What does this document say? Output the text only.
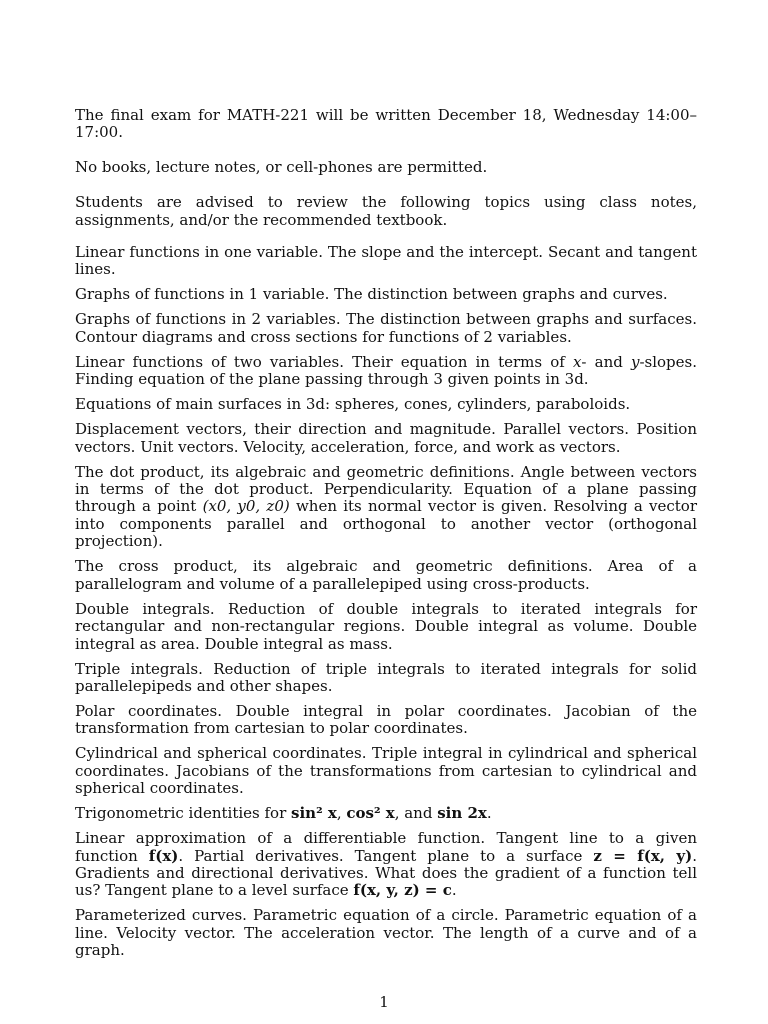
The final exam for MATH-221 will be written December 18, Wednesday 14:00–17:00.

No books, lecture notes, or cell-phones are permitted.

Students are advised to review the following topics using class notes, assignments, and/or the recommended textbook.

Linear functions in one variable. The slope and the intercept. Secant and tangent lines.

Graphs of functions in 1 variable. The distinction between graphs and curves.

Graphs of functions in 2 variables. The distinction between graphs and surfaces. Contour diagrams and cross sections for functions of 2 variables.

Linear functions of two variables. Their equation in terms of x- and y-slopes. Finding equation of the plane passing through 3 given points in 3d.

Equations of main surfaces in 3d: spheres, cones, cylinders, paraboloids.

Displacement vectors, their direction and magnitude. Parallel vectors. Position vectors. Unit vectors. Velocity, acceleration, force, and work as vectors.

The dot product, its algebraic and geometric definitions. Angle between vectors in terms of the dot product. Perpendicularity. Equation of a plane passing through a point (x0, y0, z0) when its normal vector is given. Resolving a vector into components parallel and orthogonal to another vector (orthogonal projection).

The cross product, its algebraic and geometric definitions. Area of a parallelogram and volume of a parallelepiped using cross-products.

Double integrals. Reduction of double integrals to iterated integrals for rectangular and non-rectangular regions. Double integral as volume. Double integral as area. Double integral as mass.

Triple integrals. Reduction of triple integrals to iterated integrals for solid parallelepipeds and other shapes.

Polar coordinates. Double integral in polar coordinates. Jacobian of the transformation from cartesian to polar coordinates.

Cylindrical and spherical coordinates. Triple integral in cylindrical and spherical coordinates. Jacobians of the transformations from cartesian to cylindrical and spherical coordinates.

Trigonometric identities for sin² x, cos² x, and sin 2x.

Linear approximation of a differentiable function. Tangent line to a given function f(x). Partial derivatives. Tangent plane to a surface z = f(x, y). Gradients and directional derivatives. What does the gradient of a function tell us? Tangent plane to a level surface f(x, y, z) = c.

Parameterized curves. Parametric equation of a circle. Parametric equation of a line. Velocity vector. The acceleration vector. The length of a curve and of a graph.

1
